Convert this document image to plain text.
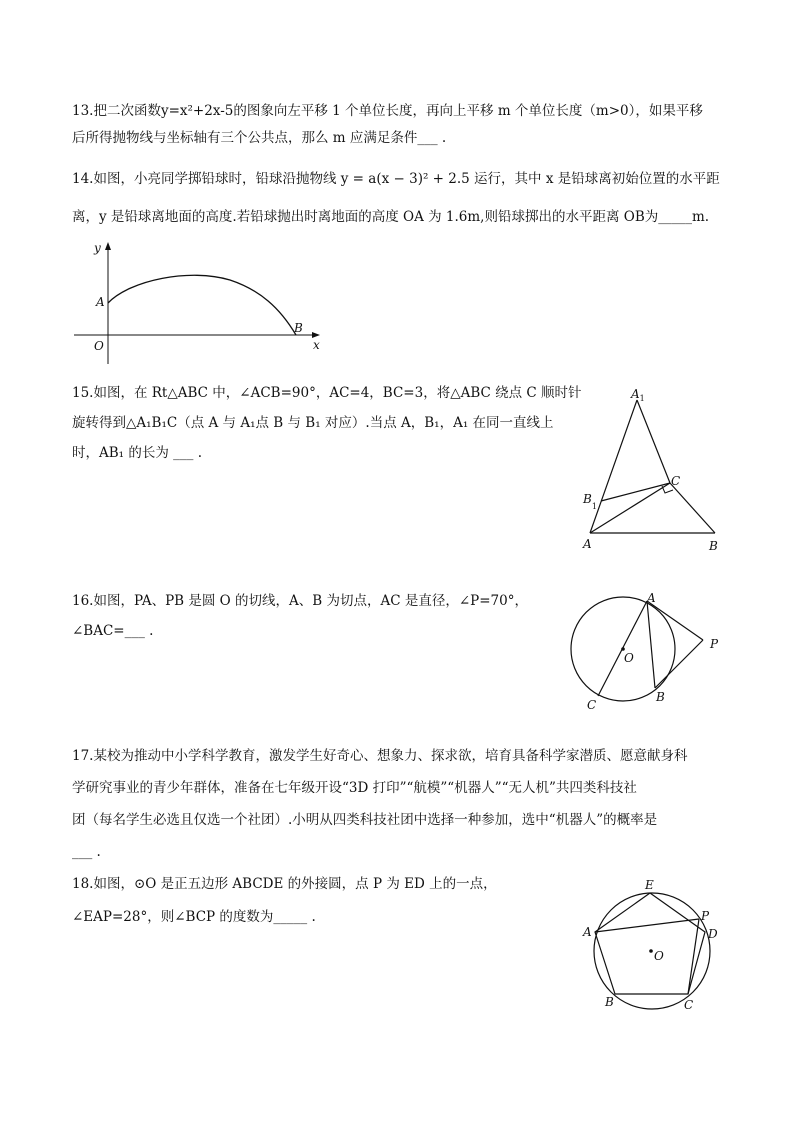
13.把二次函数y=x²+2x-5的图象向左平移 1 个单位长度，再向上平移 m 个单位长度（m>0），如果平移
后所得抛物线与坐标轴有三个公共点，那么 m 应满足条件___ .
14.如图，小亮同学掷铅球时，铅球沿抛物线 y = a(x − 3)² + 2.5 运行，其中 x 是铅球离初始位置的水平距
离，y 是铅球离地面的高度.若铅球抛出时离地面的高度 OA 为 1.6m,则铅球掷出的水平距离 OB为_____m.
y
x
O
A
B
15.如图，在 Rt△ABC 中，∠ACB=90°，AC=4，BC=3，将△ABC 绕点 C 顺时针
旋转得到△A₁B₁C（点 A 与 A₁点 B 与 B₁ 对应）.当点 A，B₁，A₁ 在同一直线上
时，AB₁ 的长为 ___ .
$A_1$
C
$B_1$
A	B
16.如图，PA、PB 是圆 O 的切线，A、B 为切点，AC 是直径，∠P=70°，
∠BAC=___ .
A
O
P
B
C
17.某校为推动中小学科学教育，激发学生好奇心、想象力、探求欲，培育具备科学家潜质、愿意献身科
学研究事业的青少年群体，准备在七年级开设“3D 打印”“航模”“机器人”“无人机”共四类科技社
团（每名学生必选且仅选一个社团）.小明从四类科技社团中选择一种参加，选中“机器人”的概率是
___ .
18.如图，⊙O 是正五边形 ABCDE 的外接圆，点 P 为 ED 上的一点，
∠EAP=28°，则∠BCP 的度数为_____ .
E
P
A	D
O
B	C
